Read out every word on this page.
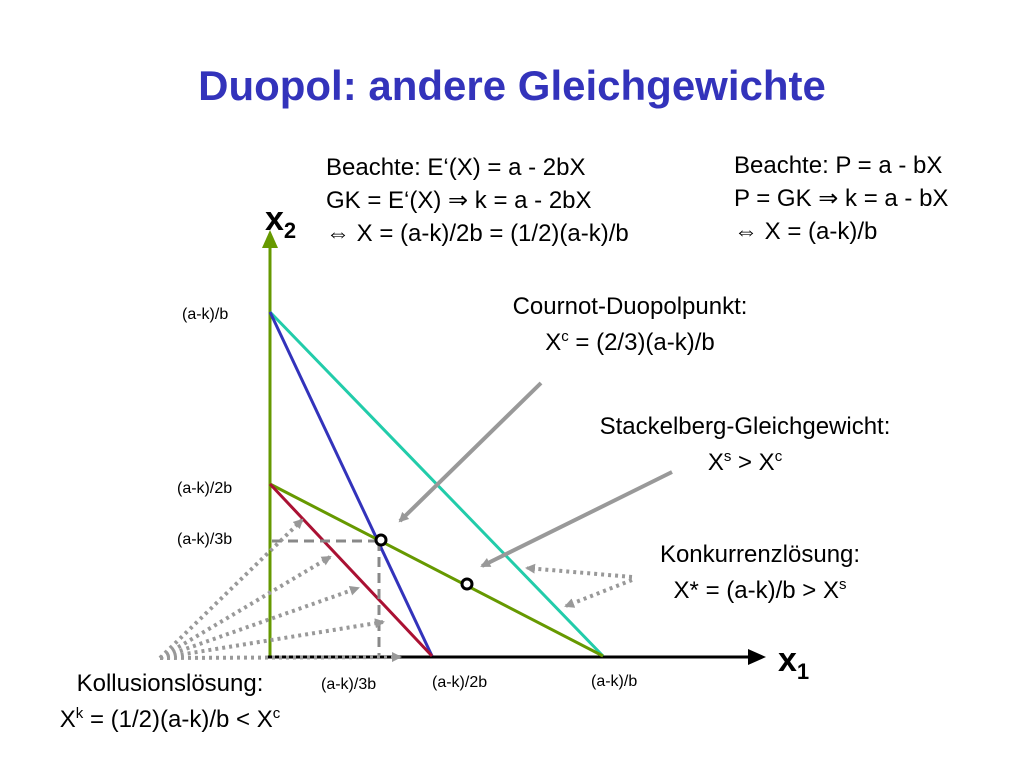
Duopol: andere Gleichgewichte
Beachte: E‘(X) = a - 2bX
GK = E‘(X) ⇒ k = a - 2bX
⇔ X = (a-k)/2b = (1/2)(a-k)/b
Beachte: P = a - bX
P = GK ⇒ k = a - bX
⇔ X = (a-k)/b
$x_2$
$x_1$
(a-k)/b
(a-k)/2b
(a-k)/3b
(a-k)/3b	(a-k)/2b	(a-k)/b
Cournot-Duopolpunkt:
$X^c = (2/3)(a-k)/b$
Stackelberg-Gleichgewicht:
$X^s > X^c$
Konkurrenzlösung:
$X* = (a-k)/b > X^s$
Kollusionslösung:
$X^k = (1/2)(a-k)/b < X^c$
